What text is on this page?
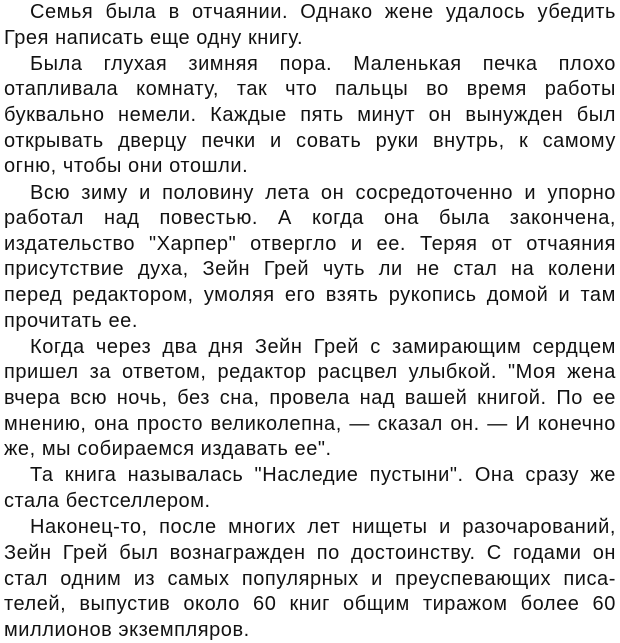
Семья была в отчаянии. Однако жене удалось убедить
Грея написать еще одну книгу.
Была глухая зимняя пора. Маленькая печка плохо
отапливала комнату, так что пальцы во время работы
буквально немели. Каждые пять минут он вынужден был
открывать дверцу печки и совать руки внутрь, к самому
огню, чтобы они отошли.
Всю зиму и половину лета он сосредоточенно и упорно
работал над повестью. А когда она была закончена,
издательство "Харпер" отвергло и ее. Теряя от отчаяния
присутствие духа, Зейн Грей чуть ли не стал на колени
перед редактором, умоляя его взять рукопись домой и там
прочитать ее.
Когда через два дня Зейн Грей с замирающим сердцем
пришел за ответом, редактор расцвел улыбкой. "Моя жена
вчера всю ночь, без сна, провела над вашей книгой. По ее
мнению, она просто великолепна, — сказал он. — И конечно
же, мы собираемся издавать ее".
Та книга называлась "Наследие пустыни". Она сразу же
стала бестселлером.
Наконец-то, после многих лет нищеты и разочарований,
Зейн Грей был вознагражден по достоинству. С годами он
стал одним из самых популярных и преуспевающих писа-
телей, выпустив около 60 книг общим тиражом более 60
миллионов экземпляров.
